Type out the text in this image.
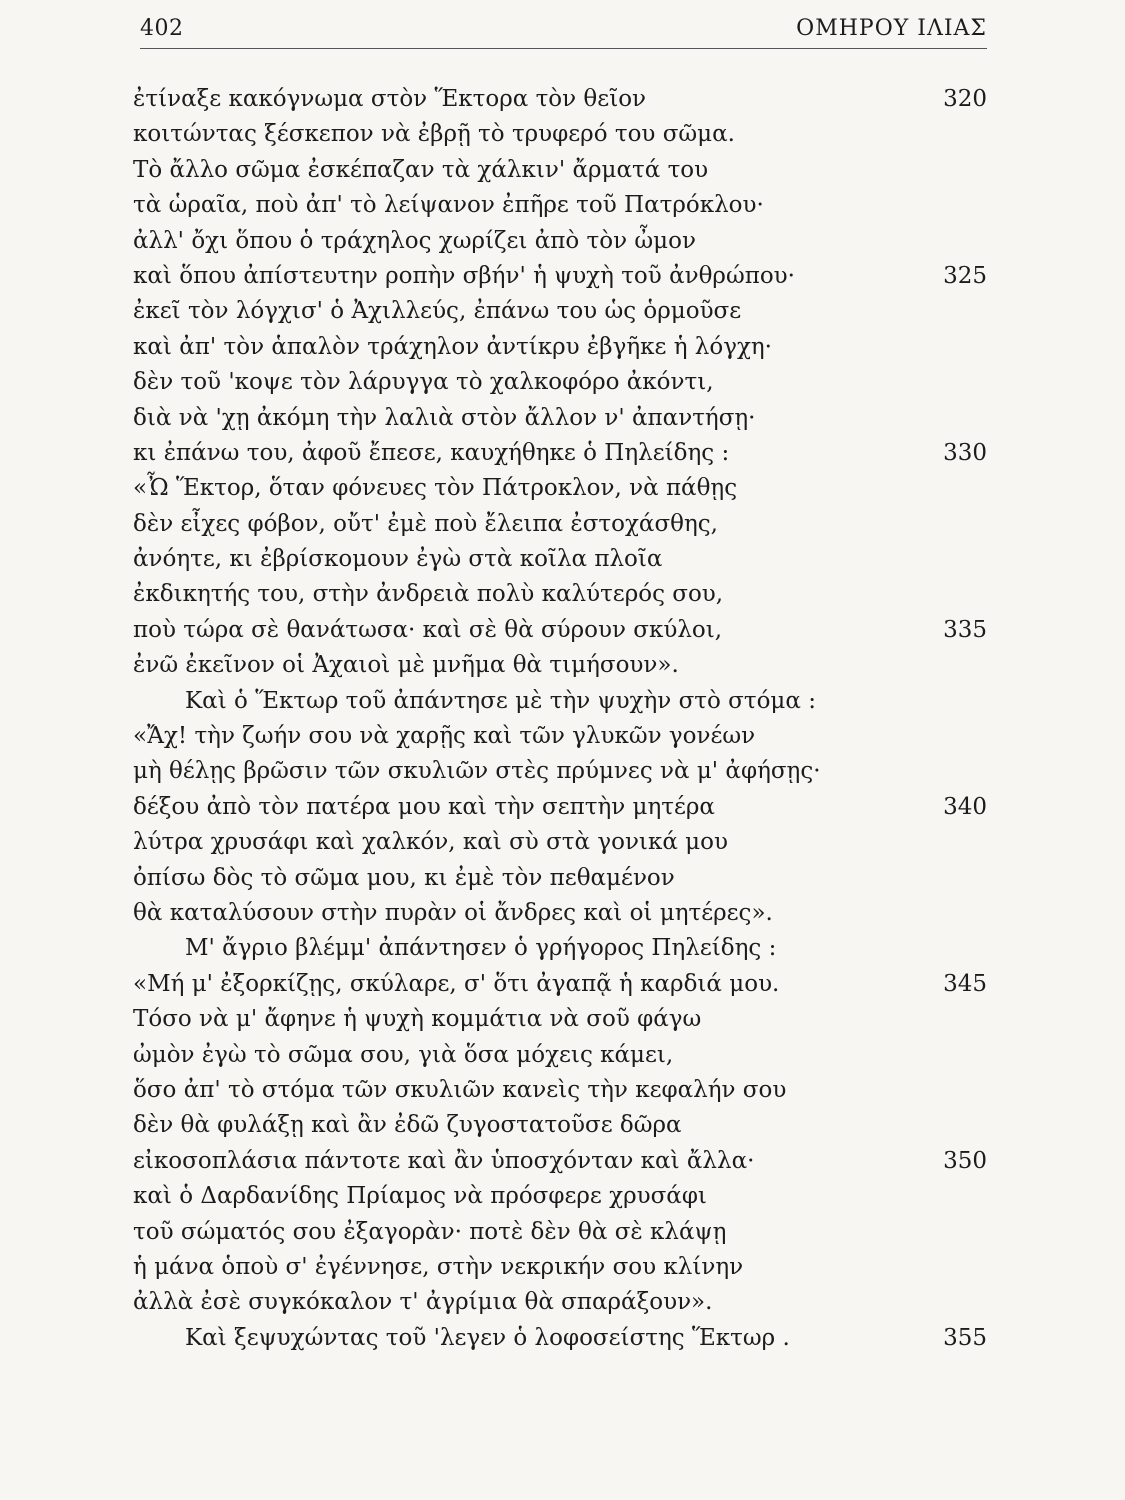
402	ΟΜΗΡΟΥ ΙΛΙΑΣ
ἐτίναξε κακόγνωμα στὸν Ἕκτορα τὸν θεῖον	320
κοιτώντας ξέσκεπον νὰ ἐβρῇ τὸ τρυφερό του σῶμα.
Τὸ ἄλλο σῶμα ἐσκέπαζαν τὰ χάλκιν' ἄρματά του
τὰ ὡραῖα, ποὺ ἀπ' τὸ λείψανον ἐπῆρε τοῦ Πατρόκλου·
ἀλλ' ὄχι ὅπου ὁ τράχηλος χωρίζει ἀπὸ τὸν ὦμον
καὶ ὅπου ἀπίστευτην ροπὴν σβήν' ἡ ψυχὴ τοῦ ἀνθρώπου·	325
ἐκεῖ τὸν λόγχισ' ὁ Ἀχιλλεύς, ἐπάνω του ὡς ὁρμοῦσε
καὶ ἀπ' τὸν ἁπαλὸν τράχηλον ἀντίκρυ ἐβγῆκε ἡ λόγχη·
δὲν τοῦ 'κοψε τὸν λάρυγγα τὸ χαλκοφόρο ἀκόντι,
διὰ νὰ 'χῃ ἀκόμη τὴν λαλιὰ στὸν ἄλλον ν' ἀπαντήσῃ·
κι ἐπάνω του, ἀφοῦ ἔπεσε, καυχήθηκε ὁ Πηλείδης :	330
«Ὦ Ἕκτορ, ὅταν φόνευες τὸν Πάτροκλον, νὰ πάθῃς
δὲν εἶχες φόβον, οὔτ' ἐμὲ ποὺ ἔλειπα ἐστοχάσθης,
ἀνόητε, κι ἐβρίσκομουν ἐγὼ στὰ κοῖλα πλοῖα
ἐκδικητής του, στὴν ἀνδρειὰ πολὺ καλύτερός σου,
ποὺ τώρα σὲ θανάτωσα· καὶ σὲ θὰ σύρουν σκύλοι,	335
ἐνῶ ἐκεῖνον οἱ Ἀχαιοὶ μὲ μνῆμα θὰ τιμήσουν».
Καὶ ὁ Ἕκτωρ τοῦ ἀπάντησε μὲ τὴν ψυχὴν στὸ στόμα :
«Ἄχ! τὴν ζωήν σου νὰ χαρῇς καὶ τῶν γλυκῶν γονέων
μὴ θέλῃς βρῶσιν τῶν σκυλιῶν στὲς πρύμνες νὰ μ' ἀφήσῃς·
δέξου ἀπὸ τὸν πατέρα μου καὶ τὴν σεπτὴν μητέρα	340
λύτρα χρυσάφι καὶ χαλκόν, καὶ σὺ στὰ γονικά μου
ὀπίσω δὸς τὸ σῶμα μου, κι ἐμὲ τὸν πεθαμένον
θὰ καταλύσουν στὴν πυρὰν οἱ ἄνδρες καὶ οἱ μητέρες».
Μ' ἄγριο βλέμμ' ἀπάντησεν ὁ γρήγορος Πηλείδης :
«Μή μ' ἐξορκίζῃς, σκύλαρε, σ' ὅτι ἀγαπᾷ ἡ καρδιά μου.	345
Τόσο νὰ μ' ἄφηνε ἡ ψυχὴ κομμάτια νὰ σοῦ φάγω
ὠμὸν ἐγὼ τὸ σῶμα σου, γιὰ ὅσα μόχεις κάμει,
ὅσο ἀπ' τὸ στόμα τῶν σκυλιῶν κανεὶς τὴν κεφαλήν σου
δὲν θὰ φυλάξῃ καὶ ἂν ἐδῶ ζυγοστατοῦσε δῶρα
εἰκοσοπλάσια πάντοτε καὶ ἂν ὑποσχόνταν καὶ ἄλλα·	350
καὶ ὁ Δαρδανίδης Πρίαμος νὰ πρόσφερε χρυσάφι
τοῦ σώματός σου ἐξαγορὰν· ποτὲ δὲν θὰ σὲ κλάψῃ
ἡ μάνα ὁποὺ σ' ἐγέννησε, στὴν νεκρικήν σου κλίνην
ἀλλὰ ἐσὲ συγκόκαλον τ' ἀγρίμια θὰ σπαράξουν».
Καὶ ξεψυχώντας τοῦ 'λεγεν ὁ λοφοσείστης Ἕκτωρ .	355
